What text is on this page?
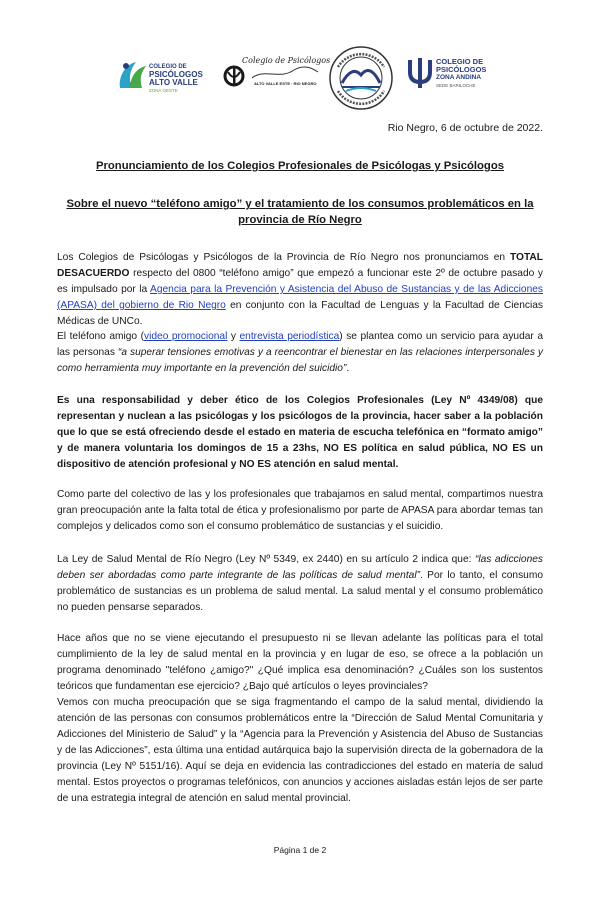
COLEGIO DE
PSICÓLOGOS
ALTO VALLE
ZONA OESTE
Colegio de Psicólogos
ALTO VALLE ESTE · RIO NEGRO
COLEGIO DE
PSICÓLOGOS
ZONA ANDINA
SEDE BARILOCHE
Rio Negro, 6 de octubre de 2022.

Pronunciamiento de los Colegios Profesionales de Psicólogas y Psicólogos

Sobre el nuevo “teléfono amigo” y el tratamiento de los consumos problemáticos en la provincia de Río Negro

Los Colegios de Psicólogas y Psicólogos de la Provincia de Río Negro nos pronunciamos en TOTAL DESACUERDO respecto del 0800 “teléfono amigo” que empezó a funcionar este 2º de octubre pasado y es impulsado por la Agencia para la Prevención y Asistencia del Abuso de Sustancias y de las Adicciones (APASA) del gobierno de Rio Negro en conjunto con la Facultad de Lenguas y la Facultad de Ciencias Médicas de UNCo.

El teléfono amigo (video promocional y entrevista periodística) se plantea como un servicio para ayudar a las personas “a superar tensiones emotivas y a reencontrar el bienestar en las relaciones interpersonales y como herramienta muy importante en la prevención del suicidio”.

Es una responsabilidad y deber ético de los Colegios Profesionales (Ley Nº 4349/08) que representan y nuclean a las psicólogas y los psicólogos de la provincia, hacer saber a la población que lo que se está ofreciendo desde el estado en materia de escucha telefónica en “formato amigo” y de manera voluntaria los domingos de 15 a 23hs, NO ES política en salud pública, NO ES un dispositivo de atención profesional y NO ES atención en salud mental.

Como parte del colectivo de las y los profesionales que trabajamos en salud mental, compartimos nuestra gran preocupación ante la falta total de ética y profesionalismo por parte de APASA para abordar temas tan complejos y delicados como son el consumo problemático de sustancias y el suicidio.

La Ley de Salud Mental de Río Negro (Ley Nº 5349, ex 2440) en su artículo 2 indica que: “las adicciones deben ser abordadas como parte integrante de las políticas de salud mental”. Por lo tanto, el consumo problemático de sustancias es un problema de salud mental. La salud mental y el consumo problemático no pueden pensarse separados.

Hace años que no se viene ejecutando el presupuesto ni se llevan adelante las políticas para el total cumplimiento de la ley de salud mental en la provincia y en lugar de eso, se ofrece a la población un programa denominado "teléfono ¿amigo?" ¿Qué implica esa denominación? ¿Cuáles son los sustentos teóricos que fundamentan ese ejercicio? ¿Bajo qué artículos o leyes provinciales?

Vemos con mucha preocupación que se siga fragmentando el campo de la salud mental, dividiendo la atención de las personas con consumos problemáticos entre la “Dirección de Salud Mental Comunitaria y Adicciones del Ministerio de Salud” y la “Agencia para la Prevención y Asistencia del Abuso de Sustancias y de las Adicciones”, esta última una entidad autárquica bajo la supervisión directa de la gobernadora de la provincia (Ley Nº 5151/16). Aquí se deja en evidencia las contradicciones del estado en materia de salud mental. Estos proyectos o programas telefónicos, con anuncios y acciones aisladas están lejos de ser parte de una estrategia integral de atención en salud mental provincial.

Página 1 de 2
